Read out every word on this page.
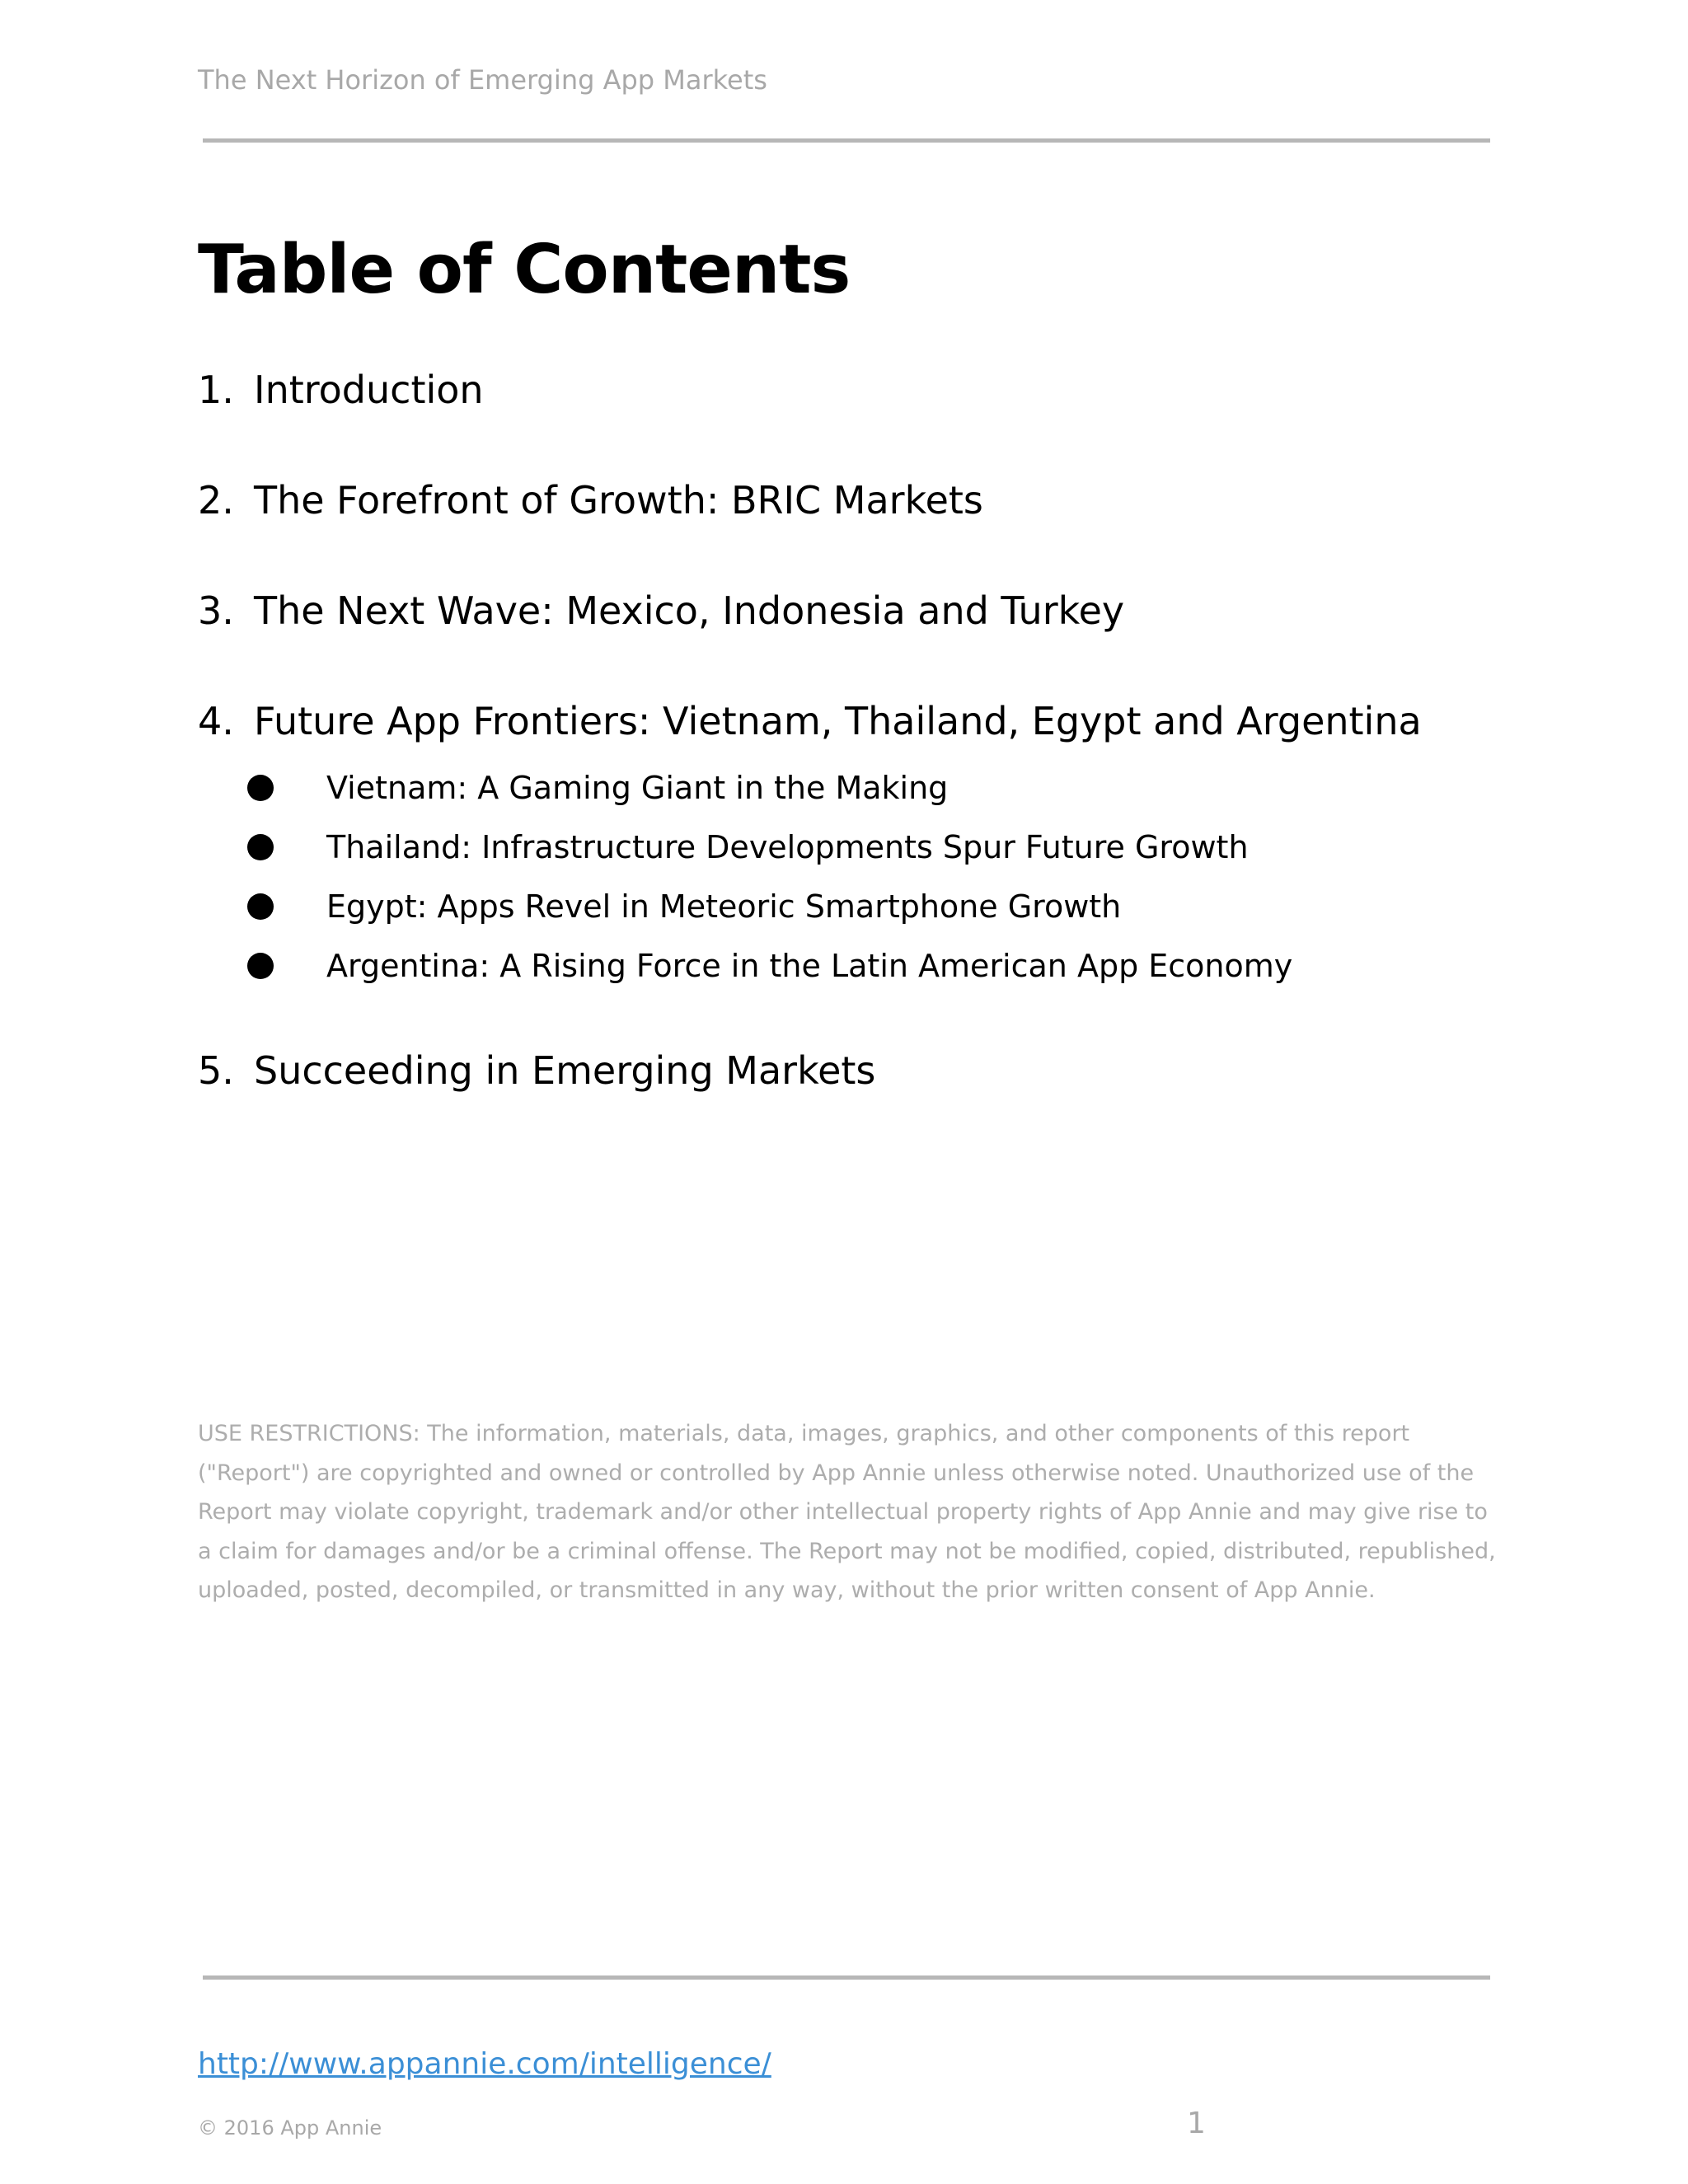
The Next Horizon of Emerging App Markets
Table of Contents
1. Introduction
2. The Forefront of Growth: BRIC Markets
3. The Next Wave: Mexico, Indonesia and Turkey
4. Future App Frontiers: Vietnam, Thailand, Egypt and Argentina
Vietnam: A Gaming Giant in the Making
Thailand: Infrastructure Developments Spur Future Growth
Egypt: Apps Revel in Meteoric Smartphone Growth
Argentina: A Rising Force in the Latin American App Economy
5. Succeeding in Emerging Markets

USE RESTRICTIONS: The information, materials, data, images, graphics, and other components of this report ("Report") are copyrighted and owned or controlled by App Annie unless otherwise noted. Unauthorized use of the Report may violate copyright, trademark and/or other intellectual property rights of App Annie and may give rise to a claim for damages and/or be a criminal offense. The Report may not be modified, copied, distributed, republished, uploaded, posted, decompiled, or transmitted in any way, without the prior written consent of App Annie.

http://www.appannie.com/intelligence/
© 2016 App Annie	1
